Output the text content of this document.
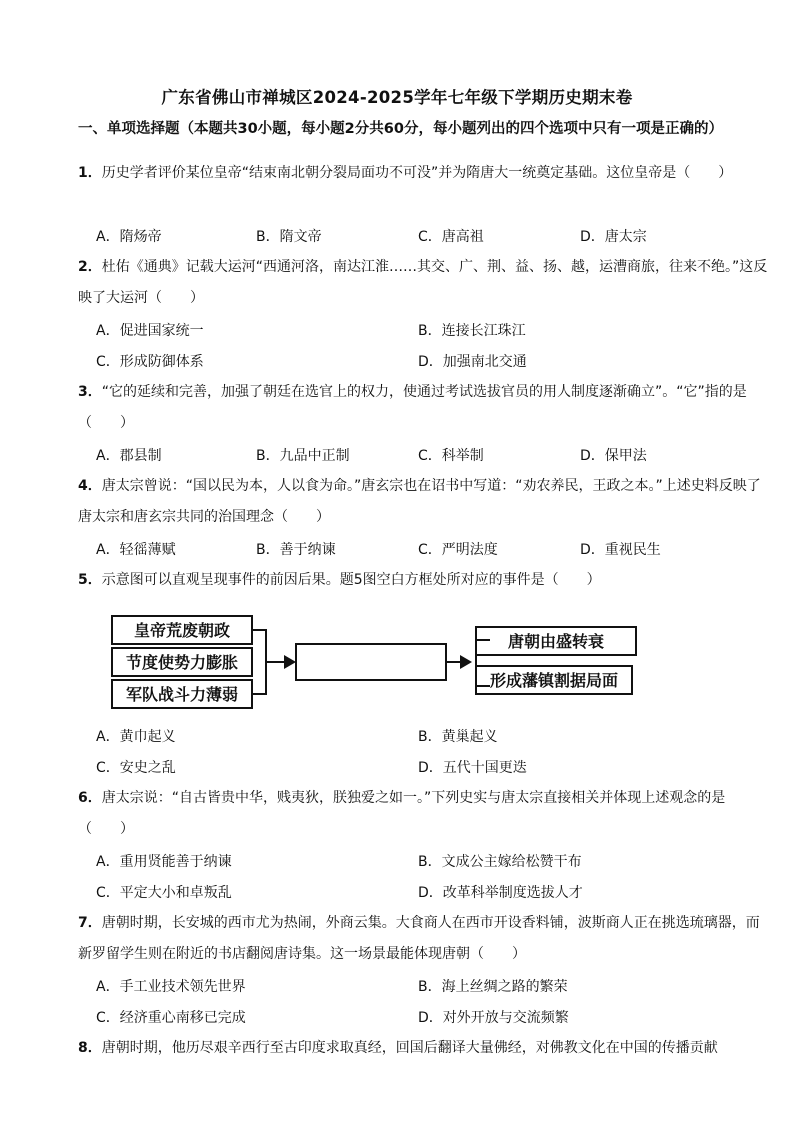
广东省佛山市禅城区2024-2025学年七年级下学期历史期末卷
一、单项选择题（本题共30小题，每小题2分共60分，每小题列出的四个选项中只有一项是正确的）
1．历史学者评价某位皇帝“结束南北朝分裂局面功不可没”并为隋唐大一统奠定基础。这位皇帝是（　　）
A．隋炀帝	B．隋文帝	C．唐高祖	D．唐太宗
2．杜佑《通典》记载大运河“西通河洛，南达江淮……其交、广、荆、益、扬、越，运漕商旅，往来不绝。”这反映了大运河（　　）
A．促进国家统一	B．连接长江珠江
C．形成防御体系	D．加强南北交通
3．“它的延续和完善，加强了朝廷在选官上的权力，使通过考试选拔官员的用人制度逐渐确立”。“它”指的是（　　）
A．郡县制	B．九品中正制	C．科举制	D．保甲法
4．唐太宗曾说：“国以民为本，人以食为命。”唐玄宗也在诏书中写道：“劝农养民，王政之本。”上述史料反映了唐太宗和唐玄宗共同的治国理念（　　）
A．轻徭薄赋	B．善于纳谏	C．严明法度	D．重视民生
5．示意图可以直观呈现事件的前因后果。题5图空白方框处所对应的事件是（　　）
皇帝荒废朝政
节度使势力膨胀
军队战斗力薄弱
唐朝由盛转衰
形成藩镇割据局面
A．黄巾起义	B．黄巢起义
C．安史之乱	D．五代十国更迭
6．唐太宗说：“自古皆贵中华，贱夷狄，朕独爱之如一。”下列史实与唐太宗直接相关并体现上述观念的是（　　）
A．重用贤能善于纳谏	B．文成公主嫁给松赞干布
C．平定大小和卓叛乱	D．改革科举制度选拔人才
7．唐朝时期，长安城的西市尤为热闹，外商云集。大食商人在西市开设香料铺，波斯商人正在挑选琉璃器，而新罗留学生则在附近的书店翻阅唐诗集。这一场景最能体现唐朝（　　）
A．手工业技术领先世界	B．海上丝绸之路的繁荣
C．经济重心南移已完成	D．对外开放与交流频繁
8．唐朝时期，他历尽艰辛西行至古印度求取真经，回国后翻译大量佛经，对佛教文化在中国的传播贡献
